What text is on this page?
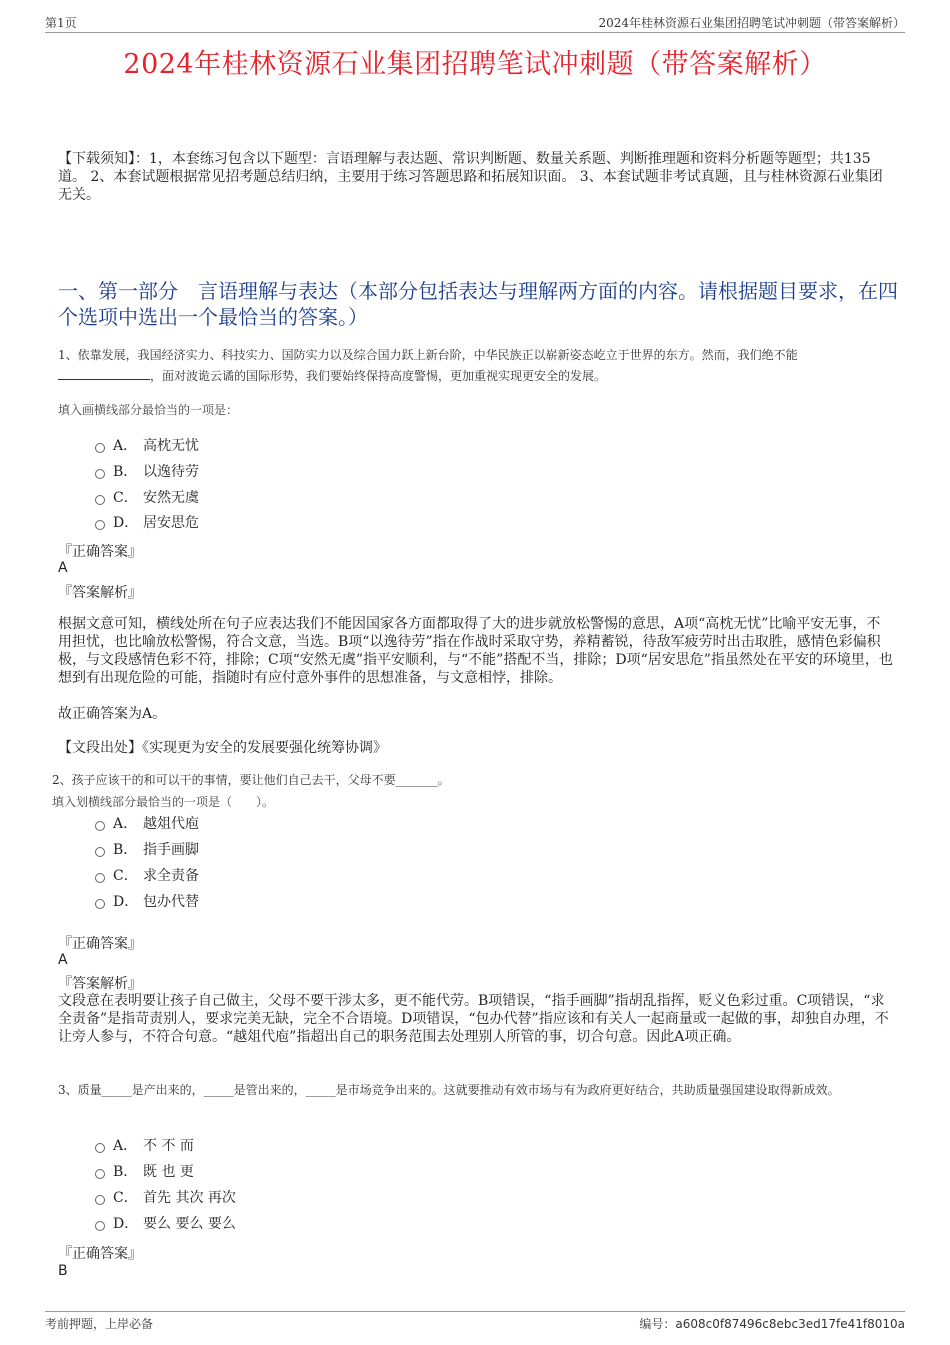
第1页	2024年桂林资源石业集团招聘笔试冲刺题（带答案解析）
2024年桂林资源石业集团招聘笔试冲刺题（带答案解析）
【下载须知】：1，本套练习包含以下题型：言语理解与表达题、常识判断题、数量关系题、判断推理题和资料分析题等题型；共135道。 2、本套试题根据常见招考题总结归纳，主要用于练习答题思路和拓展知识面。 3、本套试题非考试真题，且与桂林资源石业集团无关。
一、第一部分　言语理解与表达（本部分包括表达与理解两方面的内容。请根据题目要求，在四个选项中选出一个最恰当的答案。）
1、依靠发展，我国经济实力、科技实力、国防实力以及综合国力跃上新台阶，中华民族正以崭新姿态屹立于世界的东方。然而，我们绝不能
，面对波诡云谲的国际形势，我们要始终保持高度警惕，更加重视实现更安全的发展。
填入画横线部分最恰当的一项是：
A． 高枕无忧
B． 以逸待劳
C． 安然无虞
D． 居安思危
『正确答案』
A
『答案解析』
根据文意可知，横线处所在句子应表达我们不能因国家各方面都取得了大的进步就放松警惕的意思，A项“高枕无忧”比喻平安无事，不用担忧，也比喻放松警惕，符合文意，当选。B项“以逸待劳”指在作战时采取守势，养精蓄锐，待敌军疲劳时出击取胜，感情色彩偏积极，与文段感情色彩不符，排除；C项“安然无虞”指平安顺利，与“不能”搭配不当，排除；D项“居安思危”指虽然处在平安的环境里，也想到有出现危险的可能，指随时有应付意外事件的思想准备，与文意相悖，排除。
故正确答案为A。
【文段出处】《实现更为安全的发展要强化统筹协调》
2、孩子应该干的和可以干的事情，要让他们自己去干，父母不要_______。
填入划横线部分最恰当的一项是（　　）。
A． 越俎代庖
B． 指手画脚
C． 求全责备
D． 包办代替
『正确答案』
A
『答案解析』
文段意在表明要让孩子自己做主，父母不要干涉太多，更不能代劳。B项错误，“指手画脚”指胡乱指挥，贬义色彩过重。C项错误，“求全责备”是指苛责别人，要求完美无缺，完全不合语境。D项错误，“包办代替”指应该和有关人一起商量或一起做的事，却独自办理，不让旁人参与，不符合句意。“越俎代庖”指超出自己的职务范围去处理别人所管的事，切合句意。因此A项正确。
3、质量_____是产出来的，_____是管出来的，_____是市场竞争出来的。这就要推动有效市场与有为政府更好结合，共助质量强国建设取得新成效。
A． 不 不 而
B． 既 也 更
C． 首先 其次 再次
D． 要么 要么 要么
『正确答案』
B
考前押题，上岸必备	编号：a608c0f87496c8ebc3ed17fe41f8010a
